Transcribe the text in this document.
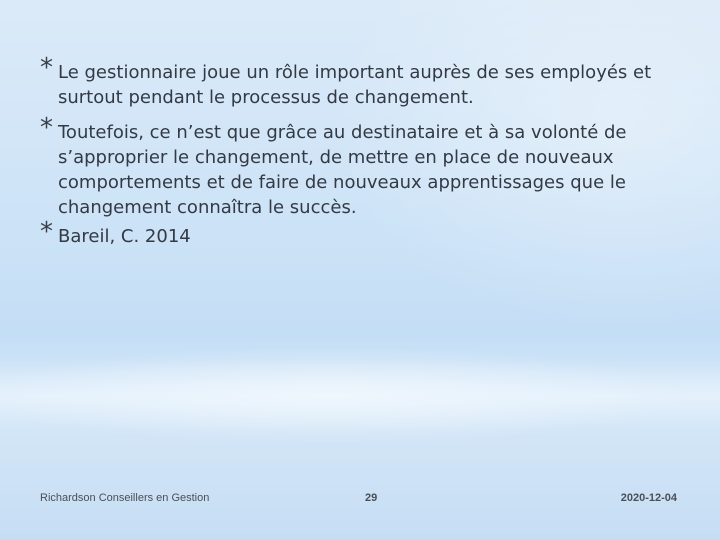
* Le gestionnaire joue un rôle important auprès de ses employés et surtout pendant le processus de changement.
* Toutefois, ce n’est que grâce au destinataire et à sa volonté de s’approprier le changement, de mettre en place de nouveaux comportements et de faire de nouveaux apprentissages que le changement connaîtra le succès.
* Bareil, C. 2014
Richardson Conseillers en Gestion	29	2020-12-04
